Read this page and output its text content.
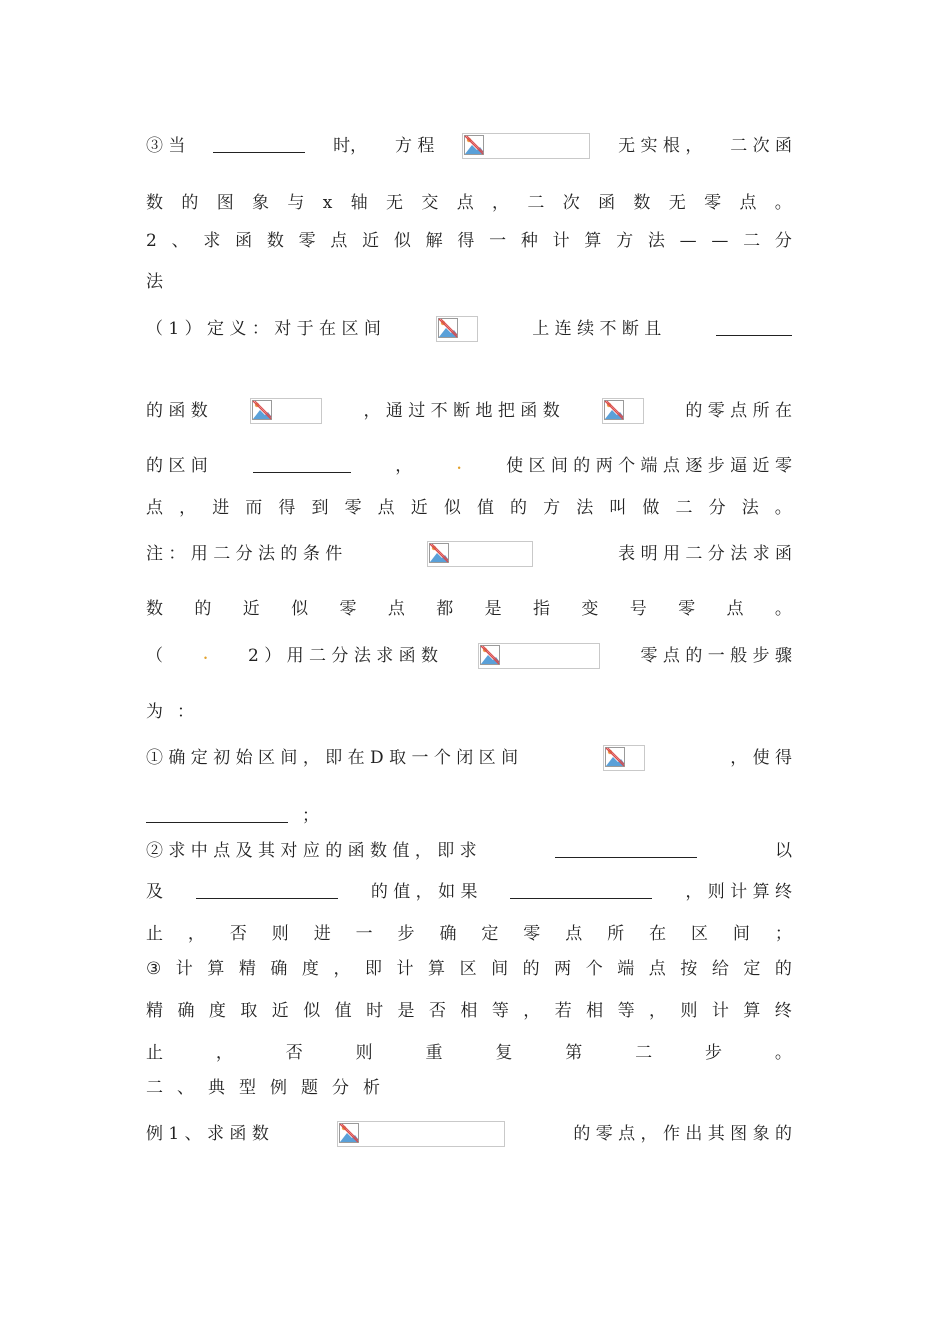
③ 当	时， 方 程	无 实 根 ， 二 次 函
数 的 图 象 与 x 轴 无 交 点 ， 二 次 函 数 无 零 点 。
2 、 求 函 数 零 点 近 似 解 得 一 种 计 算 方 法 — — 二 分
法
（ 1 ） 定 义 ： 对 于 在 区 间	上 连 续 不 断 且
的 函 数	， 通 过 不 断 地 把 函 数	的 零 点 所 在
的 区 间	，	.	使 区 间 的 两 个 端 点 逐 步 逼 近 零
点 ， 进 而 得 到 零 点 近 似 值 的 方 法 叫 做 二 分 法 。
注 ： 用 二 分 法 的 条 件	表 明 用 二 分 法 求 函
数 的 近 似 零 点 都 是 指 变 号 零 点 。
（	. 2 ） 用 二 分 法 求 函 数	零 点 的 一 般 步 骤
为 ：
① 确 定 初 始 区 间 ， 即 在 D 取 一 个 闭 区 间	， 使 得
；
② 求 中 点 及 其 对 应 的 函 数 值 ， 即 求	以
及	的 值 ， 如 果	， 则 计 算 终
止 ， 否 则 进 一 步 确 定 零 点 所 在 区 间 ；
③ 计 算 精 确 度 ， 即 计 算 区 间 的 两 个 端 点 按 给 定 的
精 确 度 取 近 似 值 时 是 否 相 等 ， 若 相 等 ， 则 计 算 终
止	，	否	则	重	复	第	二	步	。
二 、 典 型 例 题 分 析
例 1 、 求 函 数	的 零 点 ， 作 出 其 图 象 的
